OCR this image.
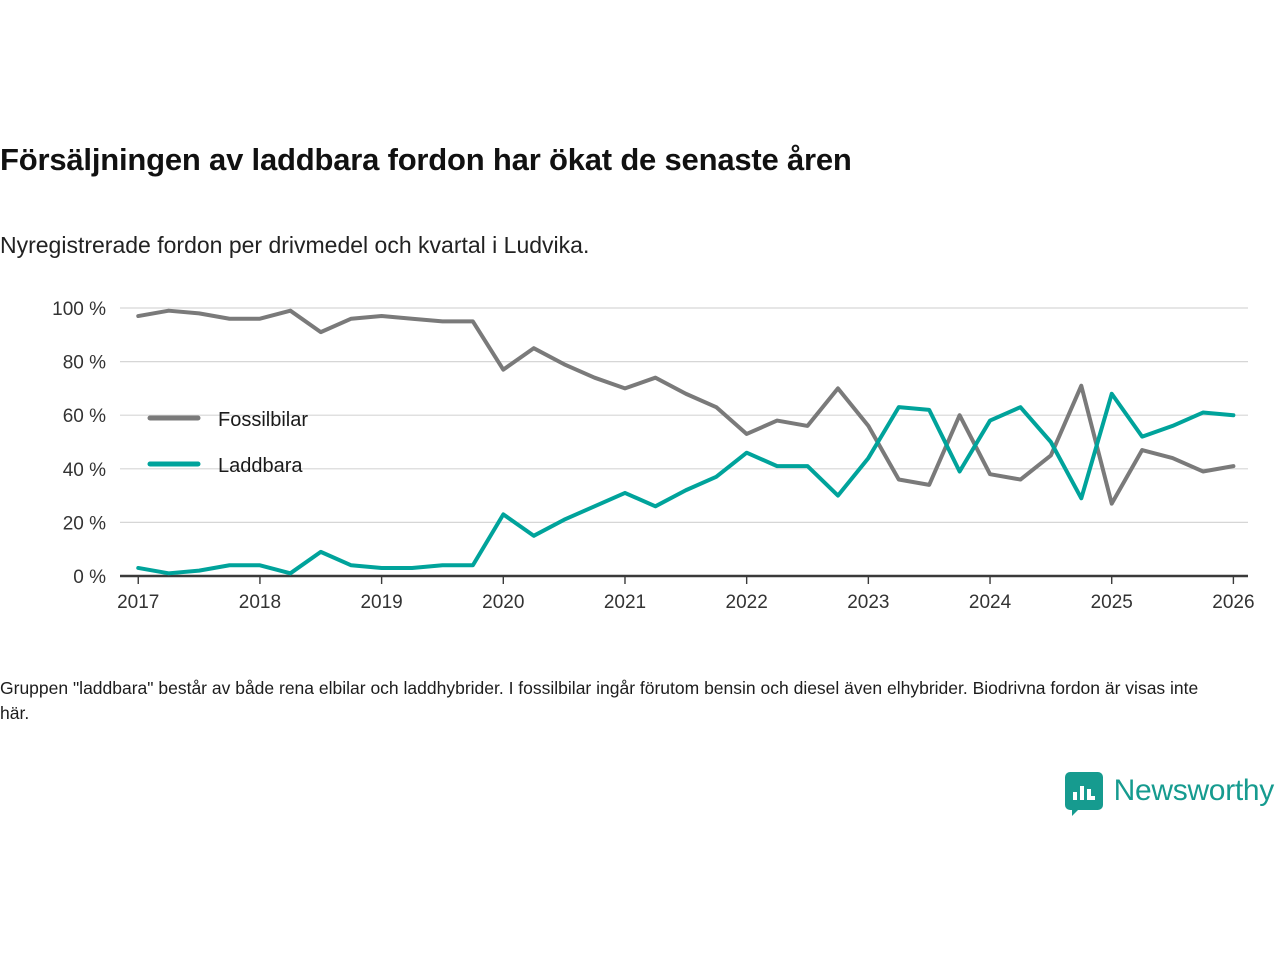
Försäljningen av laddbara fordon har ökat de senaste åren
Nyregistrerade fordon per drivmedel och kvartal i Ludvika.
0 %
20 %
40 %
60 %
80 %
100 %
2017	2018	2019	2020	2021	2022	2023	2024	2025	2026
Fossilbilar
Laddbara
Gruppen "laddbara" består av både rena elbilar och laddhybrider. I fossilbilar ingår förutom bensin och diesel även elhybrider. Biodrivna fordon är visas inte här.
Newsworthy
